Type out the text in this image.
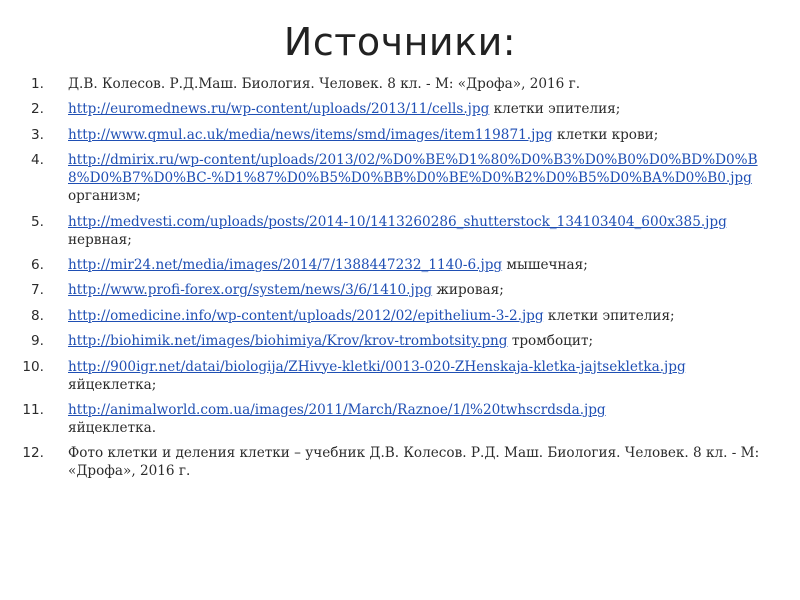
Источники:
1. Д.В. Колесов. Р.Д.Маш. Биология. Человек. 8 кл. - М: «Дрофа», 2016 г.
2. http://euromednews.ru/wp-content/uploads/2013/11/cells.jpg клетки эпителия;
3. http://www.qmul.ac.uk/media/news/items/smd/images/item119871.jpg клетки крови;
4. http://dmirix.ru/wp-content/uploads/2013/02/%D0%BE%D1%80%D0%B3%D0%B0%D0%BD%D0%B8%D0%B7%D0%BC-%D1%87%D0%B5%D0%BB%D0%BE%D0%B2%D0%B5%D0%BA%D0%B0.jpg организм;
5. http://medvesti.com/uploads/posts/2014-10/1413260286_shutterstock_134103404_600x385.jpg нервная;
6. http://mir24.net/media/images/2014/7/1388447232_1140-6.jpg мышечная;
7. http://www.profi-forex.org/system/news/3/6/1410.jpg жировая;
8. http://omedicine.info/wp-content/uploads/2012/02/epithelium-3-2.jpg клетки эпителия;
9. http://biohimik.net/images/biohimiya/Krov/krov-trombotsity.png тромбоцит;
10. http://900igr.net/datai/biologija/ZHivye-kletki/0013-020-ZHenskaja-kletka-jajtsekletka.jpg яйцеклетка;
11. http://animalworld.com.ua/images/2011/March/Raznoe/1/l%20twhscrdsda.jpg
яйцеклетка.
12. Фото клетки и деления клетки – учебник Д.В. Колесов. Р.Д. Маш. Биология. Человек. 8 кл. - М: «Дрофа», 2016 г.
